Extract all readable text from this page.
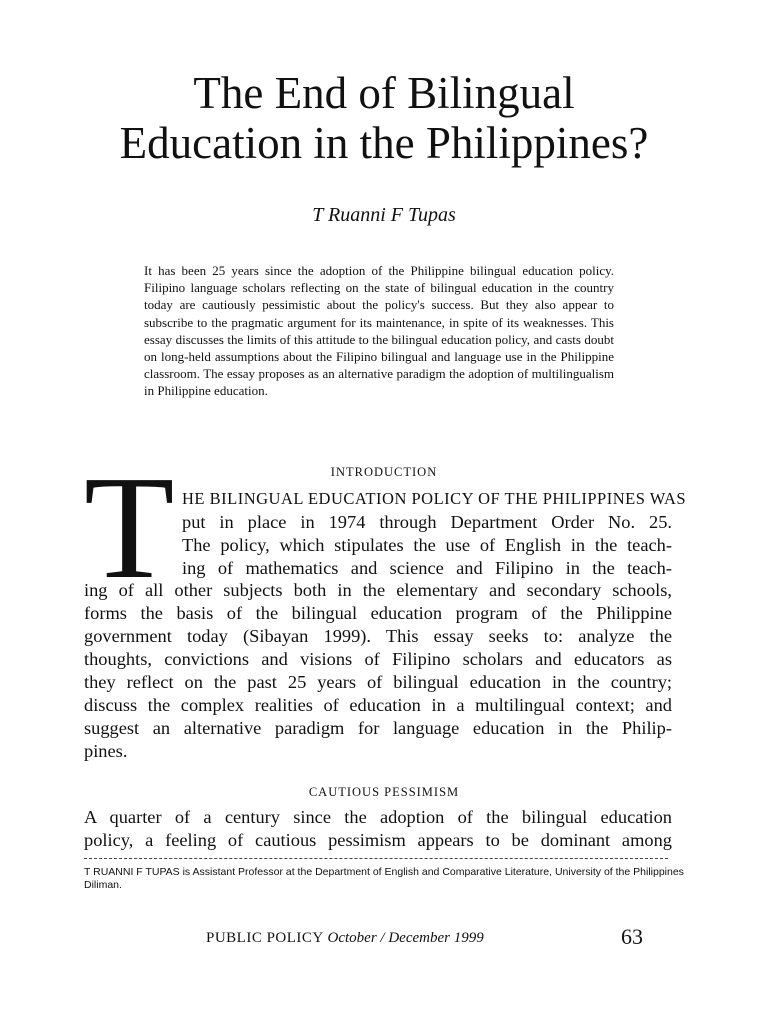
The End of Bilingual
Education in the Philippines?
T Ruanni F Tupas

It has been 25 years since the adoption of the Philippine bilingual education policy. Filipino language scholars reflecting on the state of bilingual education in the country today are cautiously pessimistic about the policy's success. But they also appear to subscribe to the pragmatic argument for its maintenance, in spite of its weaknesses. This essay discusses the limits of this attitude to the bilingual education policy, and casts doubt on long-held assumptions about the Filipino bilingual and language use in the Philippine classroom. The essay proposes as an alternative paradigm the adoption of multilingualism in Philippine education.

INTRODUCTION
T HE BILINGUAL EDUCATION POLICY OF THE PHILIPPINES WAS
put in place in 1974 through Department Order No. 25.
The policy, which stipulates the use of English in the teach-
ing of mathematics and science and Filipino in the teach-
ing of all other subjects both in the elementary and secondary schools,
forms the basis of the bilingual education program of the Philippine
government today (Sibayan 1999). This essay seeks to: analyze the
thoughts, convictions and visions of Filipino scholars and educators as
they reflect on the past 25 years of bilingual education in the country;
discuss the complex realities of education in a multilingual context; and
suggest an alternative paradigm for language education in the Philip-
pines.
CAUTIOUS PESSIMISM
A quarter of a century since the adoption of the bilingual education
policy, a feeling of cautious pessimism appears to be dominant among

T RUANNI F TUPAS is Assistant Professor at the Department of English and Comparative Literature, University of the Philippines Diliman.

PUBLIC POLICY October / December 1999	63
